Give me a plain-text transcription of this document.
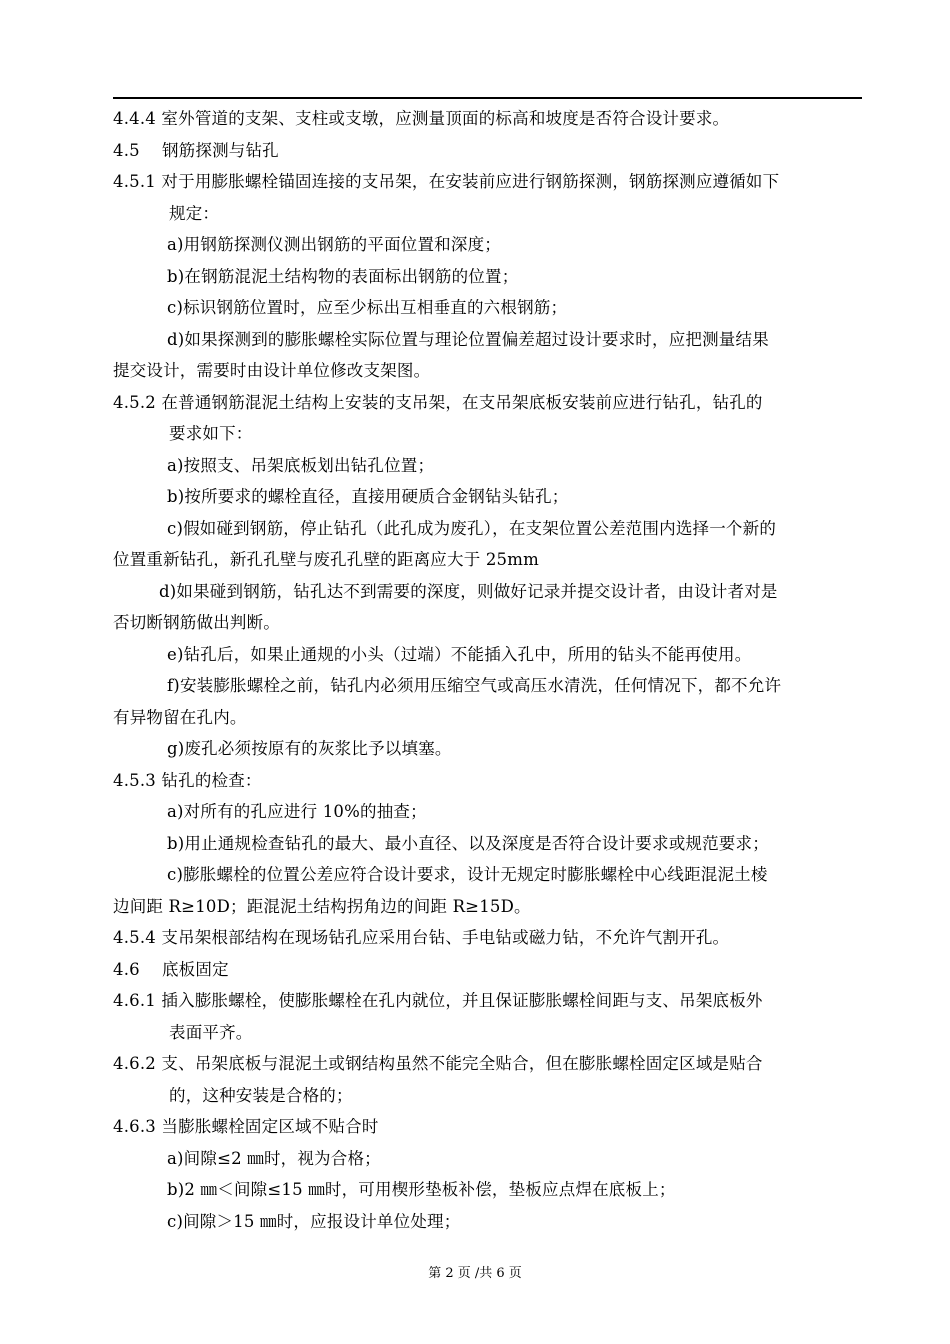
4.4.4 室外管道的支架、支柱或支墩，应测量顶面的标高和坡度是否符合设计要求。
4.5　 钢筋探测与钻孔
4.5.1 对于用膨胀螺栓锚固连接的支吊架，在安装前应进行钢筋探测，钢筋探测应遵循如下
规定：
a)用钢筋探测仪测出钢筋的平面位置和深度；
b)在钢筋混泥土结构物的表面标出钢筋的位置；
c)标识钢筋位置时，应至少标出互相垂直的六根钢筋；
d)如果探测到的膨胀螺栓实际位置与理论位置偏差超过设计要求时，应把测量结果
提交设计，需要时由设计单位修改支架图。
4.5.2 在普通钢筋混泥土结构上安装的支吊架，在支吊架底板安装前应进行钻孔，钻孔的
要求如下：
a)按照支、吊架底板划出钻孔位置；
b)按所要求的螺栓直径，直接用硬质合金钢钻头钻孔；
c)假如碰到钢筋，停止钻孔（此孔成为废孔），在支架位置公差范围内选择一个新的
位置重新钻孔，新孔孔壁与废孔孔壁的距离应大于 25mm
d)如果碰到钢筋，钻孔达不到需要的深度，则做好记录并提交设计者，由设计者对是
否切断钢筋做出判断。
e)钻孔后，如果止通规的小头（过端）不能插入孔中，所用的钻头不能再使用。
f)安装膨胀螺栓之前，钻孔内必须用压缩空气或高压水清洗，任何情况下，都不允许
有异物留在孔内。
g)废孔必须按原有的灰浆比予以填塞。
4.5.3 钻孔的检查：
a)对所有的孔应进行 10%的抽查；
b)用止通规检查钻孔的最大、最小直径、以及深度是否符合设计要求或规范要求；
c)膨胀螺栓的位置公差应符合设计要求，设计无规定时膨胀螺栓中心线距混泥土棱
边间距 R≥10D；距混泥土结构拐角边的间距 R≥15D。
4.5.4 支吊架根部结构在现场钻孔应采用台钻、手电钻或磁力钻，不允许气割开孔。
4.6　 底板固定
4.6.1 插入膨胀螺栓，使膨胀螺栓在孔内就位，并且保证膨胀螺栓间距与支、吊架底板外
表面平齐。
4.6.2 支、吊架底板与混泥土或钢结构虽然不能完全贴合，但在膨胀螺栓固定区域是贴合
的，这种安装是合格的；
4.6.3 当膨胀螺栓固定区域不贴合时
a)间隙≤2 ㎜时，视为合格；
b)2 ㎜＜间隙≤15 ㎜时，可用楔形垫板补偿，垫板应点焊在底板上；
c)间隙＞15 ㎜时，应报设计单位处理；
第 2 页 /共 6 页
